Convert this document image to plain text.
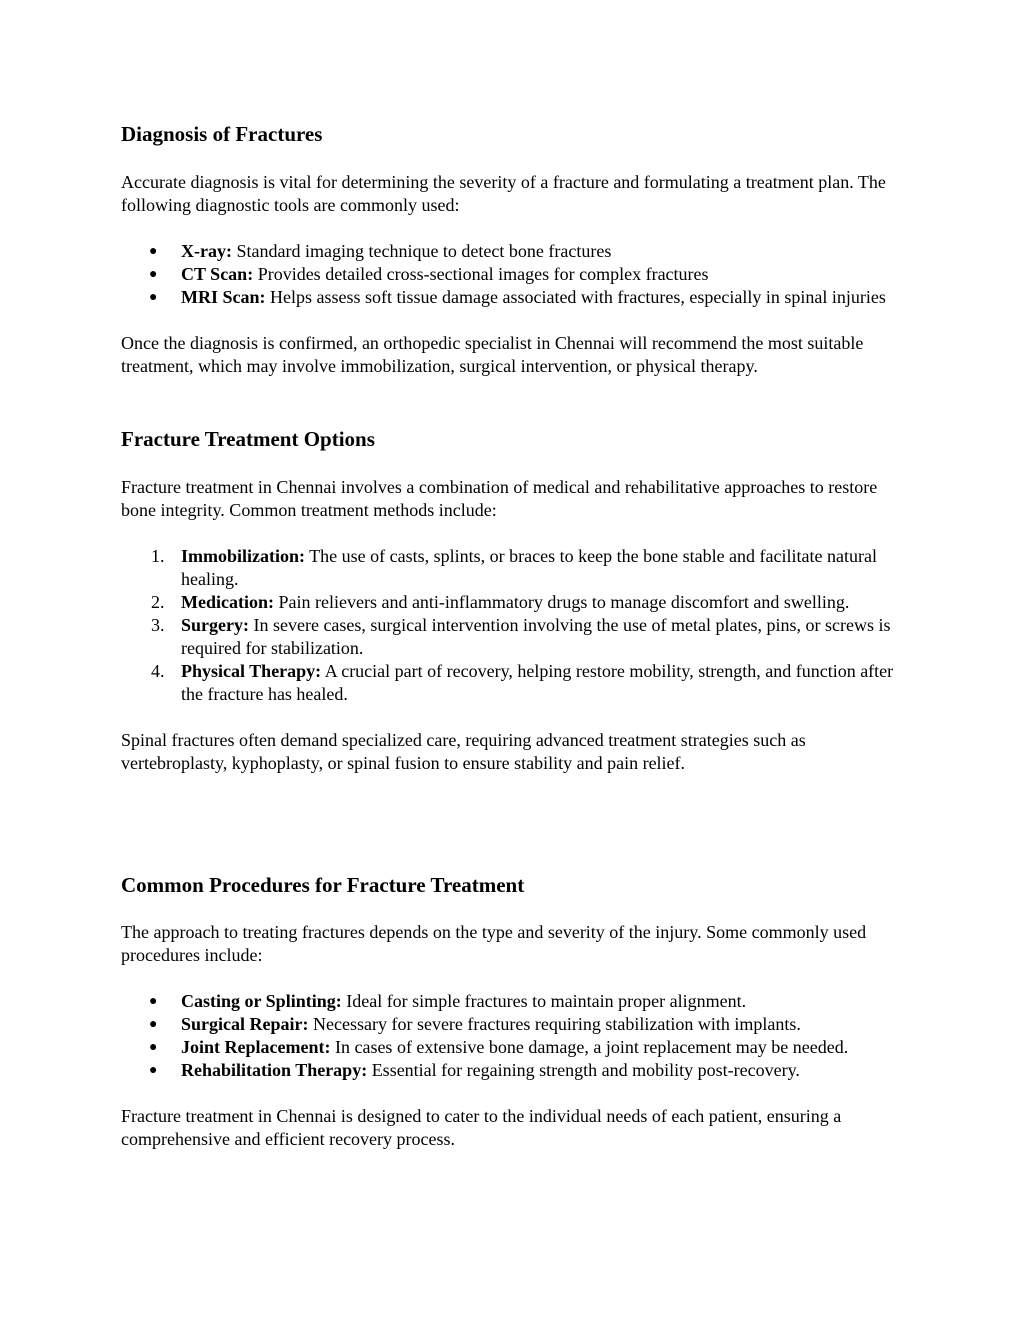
Diagnosis of Fractures

Accurate diagnosis is vital for determining the severity of a fracture and formulating a treatment plan. The following diagnostic tools are commonly used:

● X-ray: Standard imaging technique to detect bone fractures
● CT Scan: Provides detailed cross-sectional images for complex fractures
● MRI Scan: Helps assess soft tissue damage associated with fractures, especially in spinal injuries

Once the diagnosis is confirmed, an orthopedic specialist in Chennai will recommend the most suitable treatment, which may involve immobilization, surgical intervention, or physical therapy.

Fracture Treatment Options

Fracture treatment in Chennai involves a combination of medical and rehabilitative approaches to restore bone integrity. Common treatment methods include:

1. Immobilization: The use of casts, splints, or braces to keep the bone stable and facilitate natural healing.
2. Medication: Pain relievers and anti-inflammatory drugs to manage discomfort and swelling.
3. Surgery: In severe cases, surgical intervention involving the use of metal plates, pins, or screws is required for stabilization.
4. Physical Therapy: A crucial part of recovery, helping restore mobility, strength, and function after the fracture has healed.

Spinal fractures often demand specialized care, requiring advanced treatment strategies such as vertebroplasty, kyphoplasty, or spinal fusion to ensure stability and pain relief.

Common Procedures for Fracture Treatment

The approach to treating fractures depends on the type and severity of the injury. Some commonly used procedures include:

● Casting or Splinting: Ideal for simple fractures to maintain proper alignment.
● Surgical Repair: Necessary for severe fractures requiring stabilization with implants.
● Joint Replacement: In cases of extensive bone damage, a joint replacement may be needed.
● Rehabilitation Therapy: Essential for regaining strength and mobility post-recovery.

Fracture treatment in Chennai is designed to cater to the individual needs of each patient, ensuring a comprehensive and efficient recovery process.
